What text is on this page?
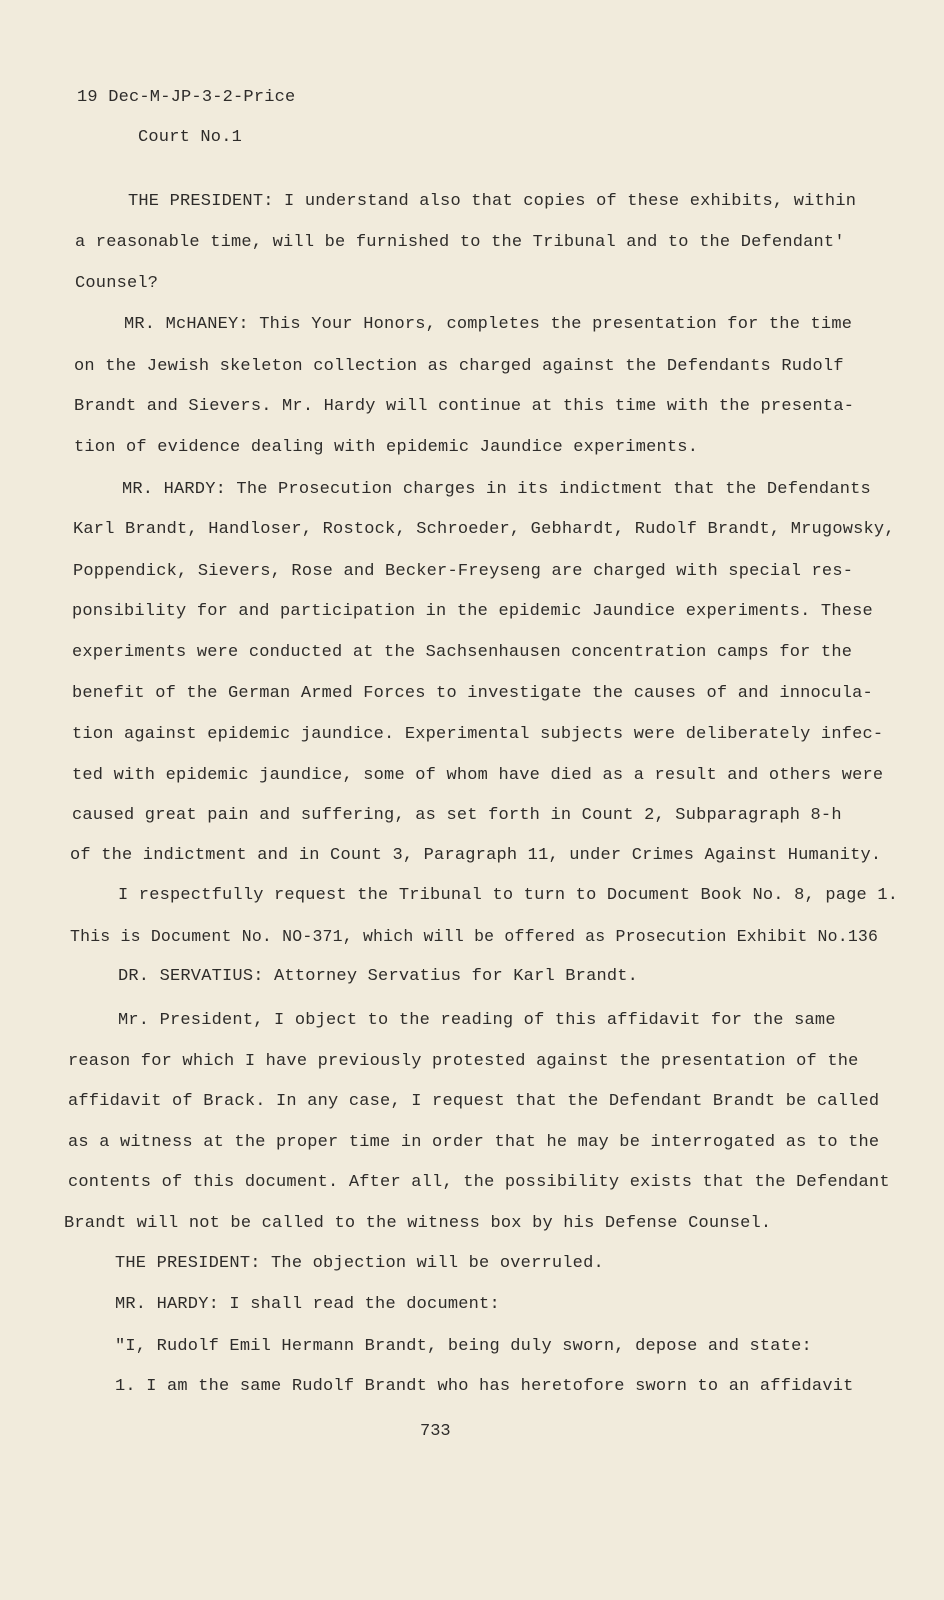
19 Dec-M-JP-3-2-Price
Court No.1
THE PRESIDENT: I understand also that copies of these exhibits, within
a reasonable time, will be furnished to the Tribunal and to the Defendant'
Counsel?
MR. McHANEY: This Your Honors, completes the presentation for the time
on the Jewish skeleton collection as charged against the Defendants Rudolf
Brandt and Sievers. Mr. Hardy will continue at this time with the presenta-
tion of evidence dealing with epidemic Jaundice experiments.
MR. HARDY: The Prosecution charges in its indictment that the Defendants
Karl Brandt, Handloser, Rostock, Schroeder, Gebhardt, Rudolf Brandt, Mrugowsky,
Poppendick, Sievers, Rose and Becker-Freyseng are charged with special res-
ponsibility for and participation in the epidemic Jaundice experiments. These
experiments were conducted at the Sachsenhausen concentration camps for the
benefit of the German Armed Forces to investigate the causes of and innocula-
tion against epidemic jaundice. Experimental subjects were deliberately infec-
ted with epidemic jaundice, some of whom have died as a result and others were
caused great pain and suffering, as set forth in Count 2, Subparagraph 8-h
of the indictment and in Count 3, Paragraph 11, under Crimes Against Humanity.
I respectfully request the Tribunal to turn to Document Book No. 8, page 1.
This is Document No. NO-371, which will be offered as Prosecution Exhibit No.136
DR. SERVATIUS: Attorney Servatius for Karl Brandt.
Mr. President, I object to the reading of this affidavit for the same
reason for which I have previously protested against the presentation of the
affidavit of Brack. In any case, I request that the Defendant Brandt be called
as a witness at the proper time in order that he may be interrogated as to the
contents of this document. After all, the possibility exists that the Defendant
Brandt will not be called to the witness box by his Defense Counsel.
THE PRESIDENT: The objection will be overruled.
MR. HARDY: I shall read the document:
"I, Rudolf Emil Hermann Brandt, being duly sworn, depose and state:
1. I am the same Rudolf Brandt who has heretofore sworn to an affidavit
733
